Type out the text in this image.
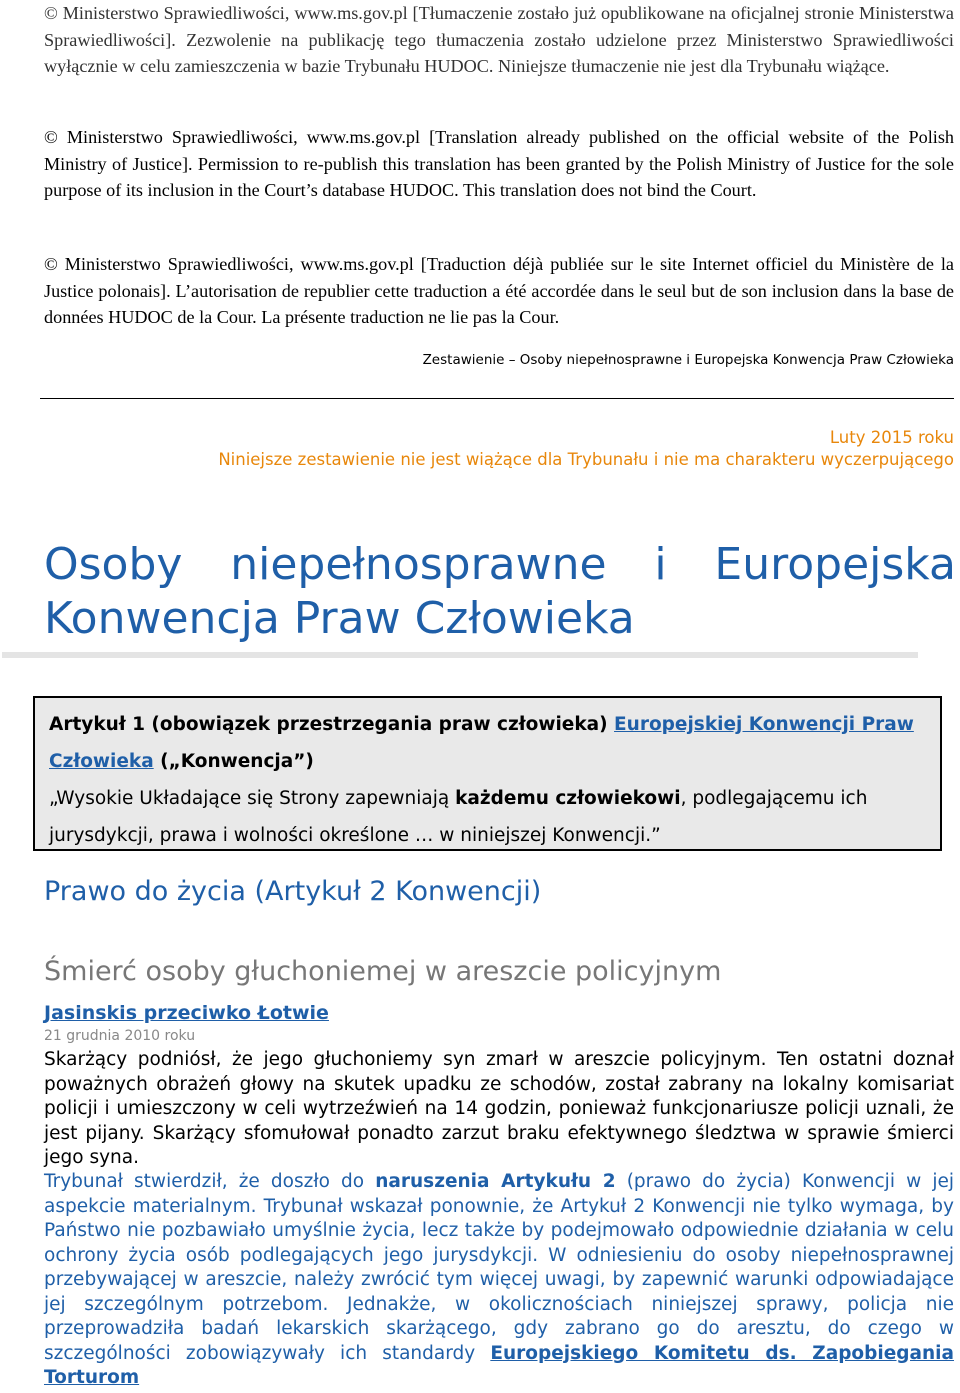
© Ministerstwo Sprawiedliwości, www.ms.gov.pl [Tłumaczenie zostało już opublikowane na oficjalnej stronie Ministerstwa Sprawiedliwości]. Zezwolenie na publikację tego tłumaczenia zostało udzielone przez Ministerstwo Sprawiedliwości wyłącznie w celu zamieszczenia w bazie Trybunału HUDOC. Niniejsze tłumaczenie nie jest dla Trybunału wiążące.

© Ministerstwo Sprawiedliwości, www.ms.gov.pl [Translation already published on the official website of the Polish Ministry of Justice]. Permission to re-publish this translation has been granted by the Polish Ministry of Justice for the sole purpose of its inclusion in the Court’s database HUDOC. This translation does not bind the Court.

© Ministerstwo Sprawiedliwości, www.ms.gov.pl [Traduction déjà publiée sur le site Internet officiel du Ministère de la Justice polonais]. L’autorisation de republier cette traduction a été accordée dans le seul but de son inclusion dans la base de données HUDOC de la Cour. La présente traduction ne lie pas la Cour.

Zestawienie – Osoby niepełnosprawne i Europejska Konwencja Praw Człowieka
Luty 2015 roku
Niniejsze zestawienie nie jest wiążące dla Trybunału i nie ma charakteru wyczerpującego
Osoby niepełnosprawne i Europejska
Konwencja Praw Człowieka
Artykuł 1 (obowiązek przestrzegania praw człowieka) Europejskiej Konwencji Praw Człowieka („Konwencja”)
„Wysokie Układające się Strony zapewniają każdemu człowiekowi, podlegającemu ich jurysdykcji, prawa i wolności określone … w niniejszej Konwencji.”
Prawo do życia (Artykuł 2 Konwencji)
Śmierć osoby głuchoniemej w areszcie policyjnym
Jasinskis przeciwko Łotwie
21 grudnia 2010 roku

Skarżący podniósł, że jego głuchoniemy syn zmarł w areszcie policyjnym. Ten ostatni doznał poważnych obrażeń głowy na skutek upadku ze schodów, został zabrany na lokalny komisariat policji i umieszczony w celi wytrzeźwień na 14 godzin, ponieważ funkcjonariusze policji uznali, że jest pijany. Skarżący sfomułował ponadto zarzut braku efektywnego śledztwa w sprawie śmierci jego syna.

Trybunał stwierdził, że doszło do naruszenia Artykułu 2 (prawo do życia) Konwencji w jej aspekcie materialnym. Trybunał wskazał ponownie, że Artykuł 2 Konwencji nie tylko wymaga, by Państwo nie pozbawiało umyślnie życia, lecz także by podejmowało odpowiednie działania w celu ochrony życia osób podlegających jego jurysdykcji. W odniesieniu do osoby niepełnosprawnej przebywającej w areszcie, należy zwrócić tym więcej uwagi, by zapewnić warunki odpowiadające jej szczególnym potrzebom. Jednakże, w okolicznościach niniejszej sprawy, policja nie przeprowadziła badań lekarskich skarżącego, gdy zabrano go do aresztu, do czego w szczególności zobowiązywały ich standardy Europejskiego Komitetu ds. Zapobiegania Torturom
